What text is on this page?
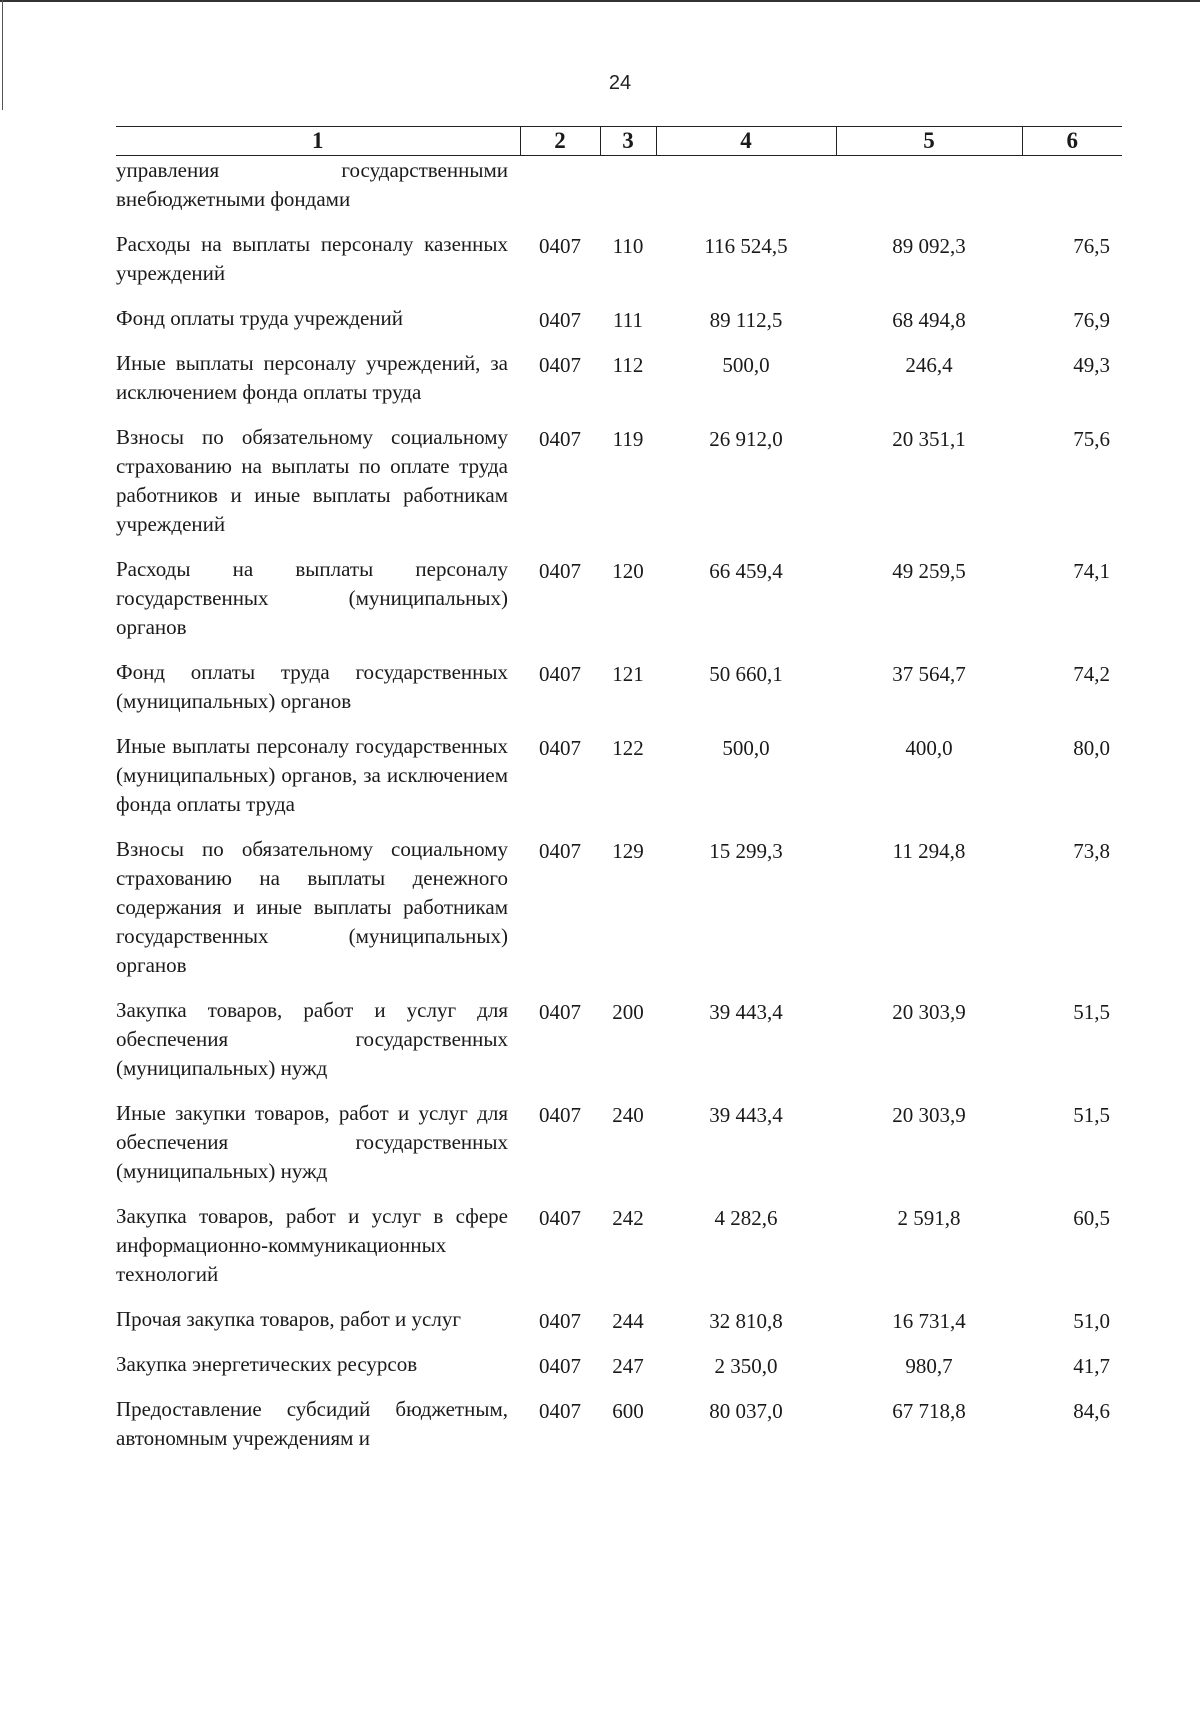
24
1	2	3	4	5	6
управления государственными внебюджетными фондами					
Расходы на выплаты персоналу казенных учреждений	0407	110	116 524,5	89 092,3	76,5
Фонд оплаты труда учреждений	0407	111	89 112,5	68 494,8	76,9
Иные выплаты персоналу учреждений, за исключением фонда оплаты труда	0407	112	500,0	246,4	49,3
Взносы по обязательному социальному страхованию на выплаты по оплате труда работников и иные выплаты работникам учреждений	0407	119	26 912,0	20 351,1	75,6
Расходы на выплаты персоналу государственных (муниципальных) органов	0407	120	66 459,4	49 259,5	74,1
Фонд оплаты труда государственных (муниципальных) органов	0407	121	50 660,1	37 564,7	74,2
Иные выплаты персоналу государственных (муниципальных) органов, за исключением фонда оплаты труда	0407	122	500,0	400,0	80,0
Взносы по обязательному социальному страхованию на выплаты денежного содержания и иные выплаты работникам государственных (муниципальных) органов	0407	129	15 299,3	11 294,8	73,8
Закупка товаров, работ и услуг для обеспечения государственных (муниципальных) нужд	0407	200	39 443,4	20 303,9	51,5
Иные закупки товаров, работ и услуг для обеспечения государственных (муниципальных) нужд	0407	240	39 443,4	20 303,9	51,5
Закупка товаров, работ и услуг в сфере информационно-коммуникационных технологий	0407	242	4 282,6	2 591,8	60,5
Прочая закупка товаров, работ и услуг	0407	244	32 810,8	16 731,4	51,0
Закупка энергетических ресурсов	0407	247	2 350,0	980,7	41,7
Предоставление субсидий бюджетным, автономным учреждениям и	0407	600	80 037,0	67 718,8	84,6
